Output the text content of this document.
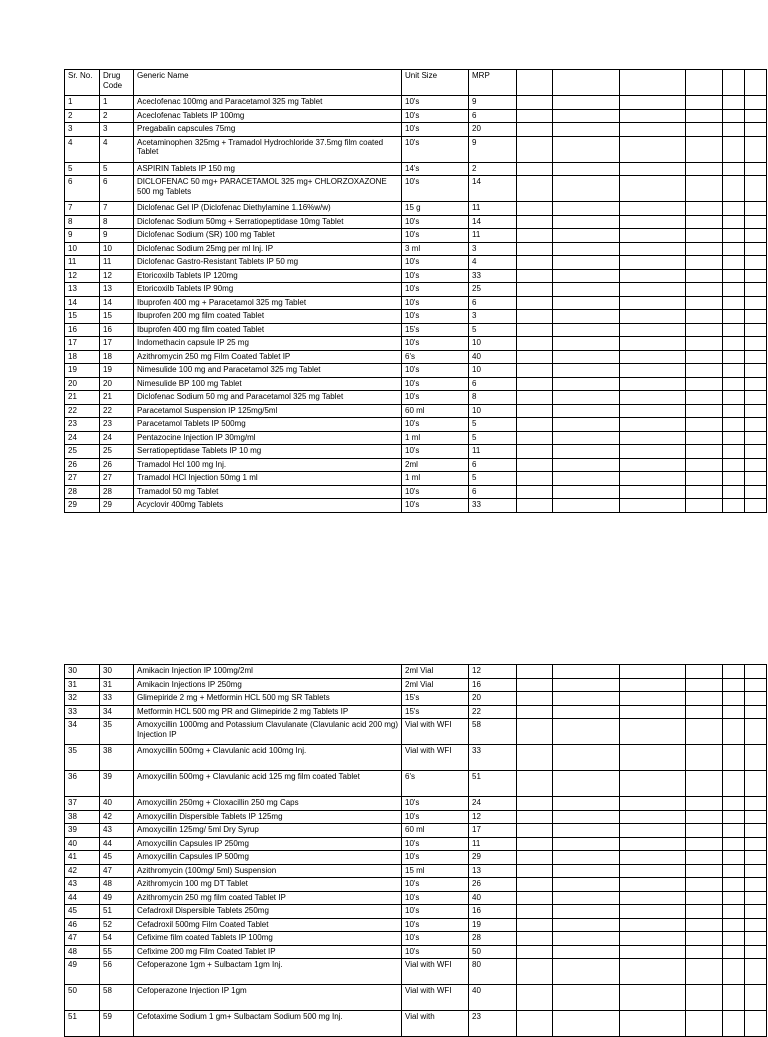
Sr. No.	Drug Code	Generic Name	Unit Size	MRP						
1	1	Aceclofenac 100mg and Paracetamol 325 mg Tablet	10's	9						
2	2	Aceclofenac Tablets IP 100mg	10's	6						
3	3	Pregabalin capscules 75mg	10's	20						
4	4	Acetaminophen 325mg + Tramadol Hydrochloride 37.5mg film coated Tablet	10's	9						
5	5	ASPIRIN Tablets IP 150 mg	14's	2						
6	6	DICLOFENAC 50 mg+ PARACETAMOL 325 mg+ CHLORZOXAZONE 500 mg Tablets	10's	14						
7	7	Diclofenac Gel IP (Diclofenac Diethylamine 1.16%w/w)	15 g	11						
8	8	Diclofenac Sodium 50mg + Serratiopeptidase 10mg Tablet	10's	14						
9	9	Diclofenac Sodium (SR) 100 mg Tablet	10's	11						
10	10	Diclofenac Sodium 25mg per ml Inj. IP	3 ml	3						
11	11	Diclofenac Gastro-Resistant Tablets IP 50 mg	10's	4						
12	12	Etoricoxilb Tablets IP 120mg	10's	33						
13	13	Etoricoxilb Tablets IP 90mg	10's	25						
14	14	Ibuprofen 400 mg + Paracetamol 325 mg Tablet	10's	6						
15	15	Ibuprofen 200 mg film coated Tablet	10's	3						
16	16	Ibuprofen 400 mg film coated Tablet	15's	5						
17	17	Indomethacin capsule IP 25 mg	10's	10						
18	18	Azithromycin 250 mg Film Coated Tablet IP	6's	40						
19	19	Nimesulide 100 mg and Paracetamol 325 mg Tablet	10's	10						
20	20	Nimesulide BP 100 mg Tablet	10's	6						
21	21	Diclofenac Sodium 50 mg and Paracetamol 325 mg Tablet	10's	8						
22	22	Paracetamol Suspension IP 125mg/5ml	60 ml	10						
23	23	Paracetamol Tablets IP 500mg	10's	5						
24	24	Pentazocine Injection IP 30mg/ml	1 ml	5						
25	25	Serratiopeptidase Tablets IP 10 mg	10's	11						
26	26	Tramadol Hcl 100 mg Inj.	2ml	6						
27	27	Tramadol HCl Injection 50mg 1 ml	1 ml	5						
28	28	Tramadol 50 mg Tablet	10's	6						
29	29	Acyclovir 400mg Tablets	10's	33						
30	30	Amikacin Injection IP 100mg/2ml	2ml Vial	12						
31	31	Amikacin Injections IP 250mg	2ml Vial	16						
32	33	Glimepiride 2 mg + Metformin HCL 500 mg SR Tablets	15's	20						
33	34	Metformin HCL 500 mg PR and Glimepiride 2 mg Tablets IP	15's	22						
34	35	Amoxycillin 1000mg and Potassium Clavulanate (Clavulanic acid 200 mg) Injection IP	Vial with WFI	58						
35	38	Amoxycillin 500mg + Clavulanic acid 100mg Inj.	Vial with WFI	33						
36	39	Amoxycillin 500mg + Clavulanic acid 125 mg film coated Tablet	6's	51						
37	40	Amoxycillin 250mg + Cloxacillin 250 mg Caps	10's	24						
38	42	Amoxycillin Dispersible Tablets IP 125mg	10's	12						
39	43	Amoxycillin 125mg/ 5ml Dry Syrup	60 ml	17						
40	44	Amoxycillin Capsules IP 250mg	10's	11						
41	45	Amoxycillin Capsules IP 500mg	10's	29						
42	47	Azithromycin (100mg/ 5ml) Suspension	15 ml	13						
43	48	Azithromycin 100 mg DT Tablet	10's	26						
44	49	Azithromycin 250 mg film coated Tablet IP	10's	40						
45	51	Cefadroxil Dispersible Tablets 250mg	10's	16						
46	52	Cefadroxil 500mg Film Coated Tablet	10's	19						
47	54	Cefixime film coated Tablets IP 100mg	10's	28						
48	55	Cefixime 200 mg Film Coated Tablet IP	10's	50						
49	56	Cefoperazone 1gm + Sulbactam 1gm Inj.	Vial with WFI	80						
50	58	Cefoperazone Injection IP 1gm	Vial with WFI	40						
51	59	Cefotaxime Sodium 1 gm+ Sulbactam Sodium 500 mg Inj.	Vial with	23						
